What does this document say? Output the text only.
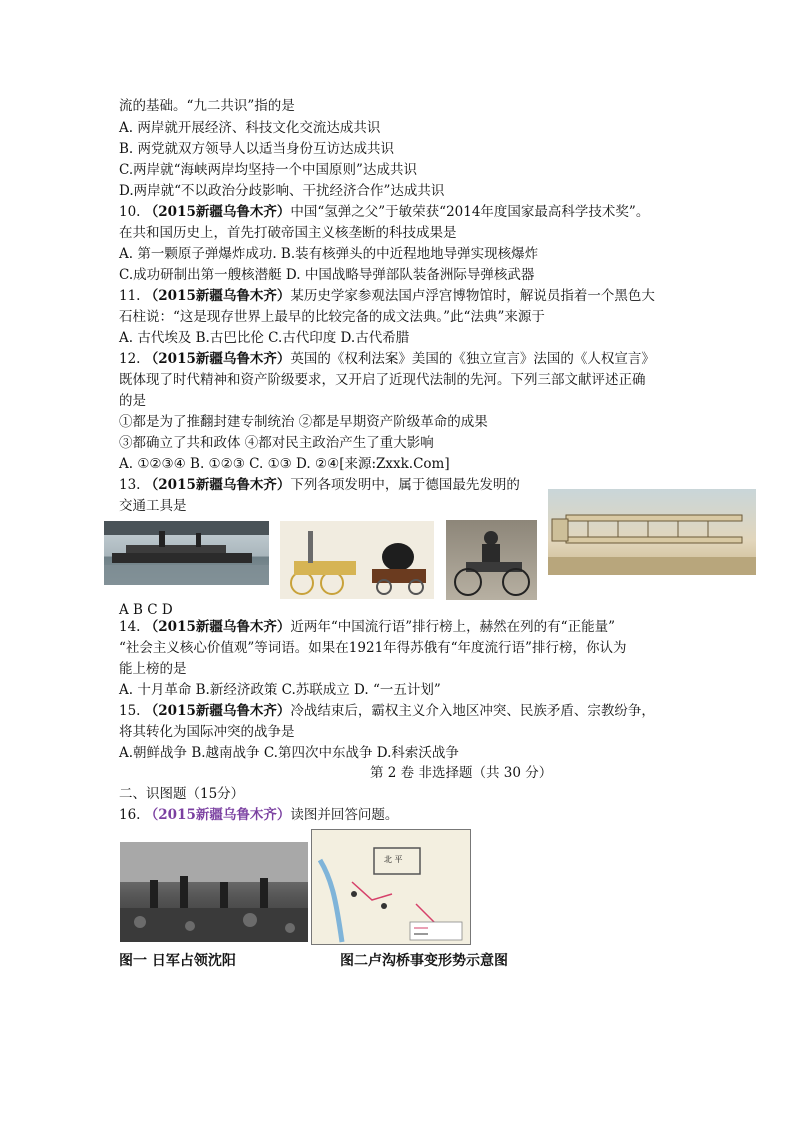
流的基础。“九二共识”指的是
A. 两岸就开展经济、科技文化交流达成共识
B. 两党就双方领导人以适当身份互访达成共识
C.两岸就“海峡两岸均坚持一个中国原则”达成共识
D.两岸就“不以政治分歧影响、干扰经济合作”达成共识
10. （2015新疆乌鲁木齐）中国“氢弹之父”于敏荣获“2014年度国家最高科学技术奖”。
在共和国历史上，首先打破帝国主义核垄断的科技成果是
A. 第一颗原子弹爆炸成功. B.装有核弹头的中近程地地导弹实现核爆炸
C.成功研制出第一艘核潜艇 D. 中国战略导弹部队装备洲际导弹核武器
11. （2015新疆乌鲁木齐）某历史学家参观法国卢浮宫博物馆时，解说员指着一个黑色大
石柱说：“这是现存世界上最早的比较完备的成文法典。”此“法典”来源于
A. 古代埃及 B.古巴比伦 C.古代印度 D.古代希腊
12. （2015新疆乌鲁木齐）英国的《权利法案》美国的《独立宣言》法国的《人权宣言》
既体现了时代精神和资产阶级要求，又开启了近现代法制的先河。下列三部文献评述正确
的是
①都是为了推翻封建专制统治 ②都是早期资产阶级革命的成果
③都确立了共和政体 ④都对民主政治产生了重大影响
A. ①②③④ B. ①②③ C. ①③ D. ②④[来源:Zxxk.Com]
13. （2015新疆乌鲁木齐）下列各项发明中，属于德国最先发明的
交通工具是
A B C D
14. （2015新疆乌鲁木齐）近两年“中国流行语”排行榜上，赫然在列的有“正能量”
“社会主义核心价值观”等词语。如果在1921年得苏俄有“年度流行语”排行榜，你认为
能上榜的是
A. 十月革命 B.新经济政策 C.苏联成立 D. “一五计划”
15. （2015新疆乌鲁木齐）冷战结束后，霸权主义介入地区冲突、民族矛盾、宗教纷争，
将其转化为国际冲突的战争是
A.朝鲜战争 B.越南战争 C.第四次中东战争 D.科索沃战争
第 2 卷 非选择题（共 30 分）
二、识图题（15分）
16. （2015新疆乌鲁木齐）读图并回答问题。
北 平
图一 日军占领沈阳	图二卢沟桥事变形势示意图
